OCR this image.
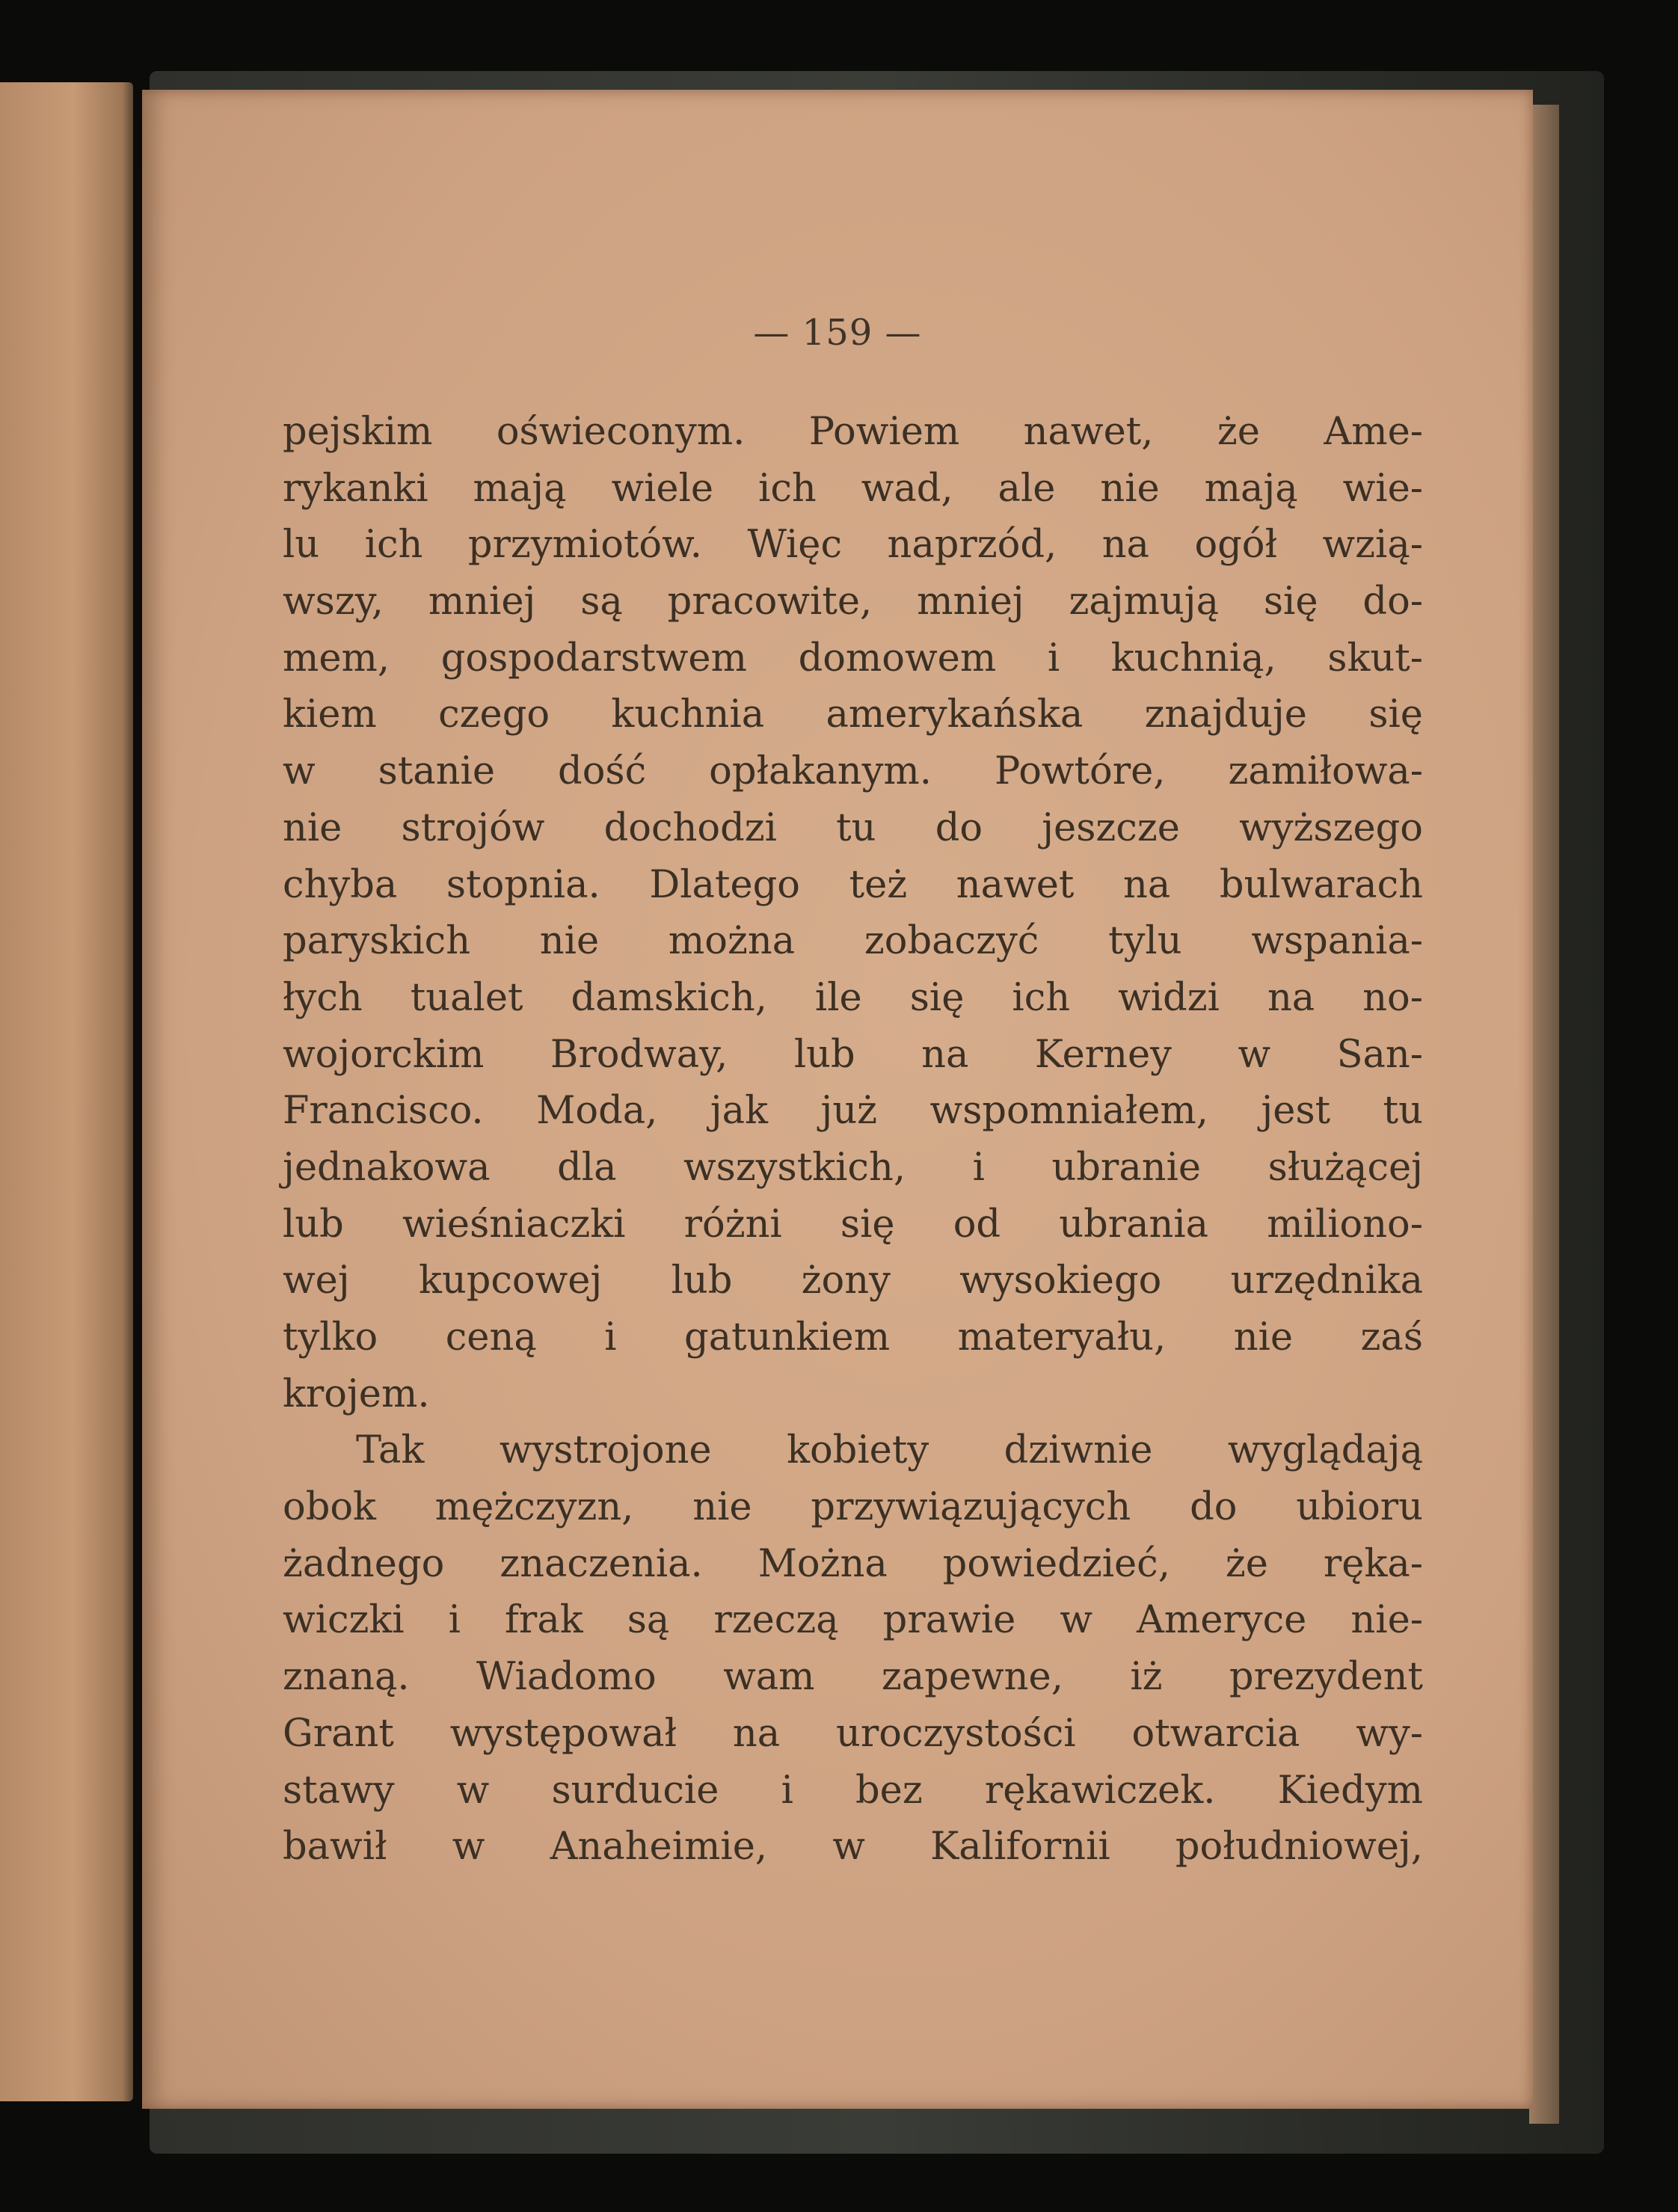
— 159 —
pejskim oświeconym. Powiem nawet, że Ame-
rykanki mają wiele ich wad, ale nie mają wie-
lu ich przymiotów. Więc naprzód, na ogół wzią-
wszy, mniej są pracowite, mniej zajmują się do-
mem, gospodarstwem domowem i kuchnią, skut-
kiem czego kuchnia amerykańska znajduje się
w stanie dość opłakanym. Powtóre, zamiłowa-
nie strojów dochodzi tu do jeszcze wyższego
chyba stopnia. Dlatego też nawet na bulwarach
paryskich nie można zobaczyć tylu wspania-
łych tualet damskich, ile się ich widzi na no-
wojorckim Brodway, lub na Kerney w San-
Francisco. Moda, jak już wspomniałem, jest tu
jednakowa dla wszystkich, i ubranie służącej
lub wieśniaczki różni się od ubrania miliono-
wej kupcowej lub żony wysokiego urzędnika
tylko ceną i gatunkiem materyału, nie zaś
krojem.
Tak wystrojone kobiety dziwnie wyglądają
obok mężczyzn, nie przywiązujących do ubioru
żadnego znaczenia. Można powiedzieć, że ręka-
wiczki i frak są rzeczą prawie w Ameryce nie-
znaną. Wiadomo wam zapewne, iż prezydent
Grant występował na uroczystości otwarcia wy-
stawy w surducie i bez rękawiczek. Kiedym
bawił w Anaheimie, w Kalifornii południowej,
